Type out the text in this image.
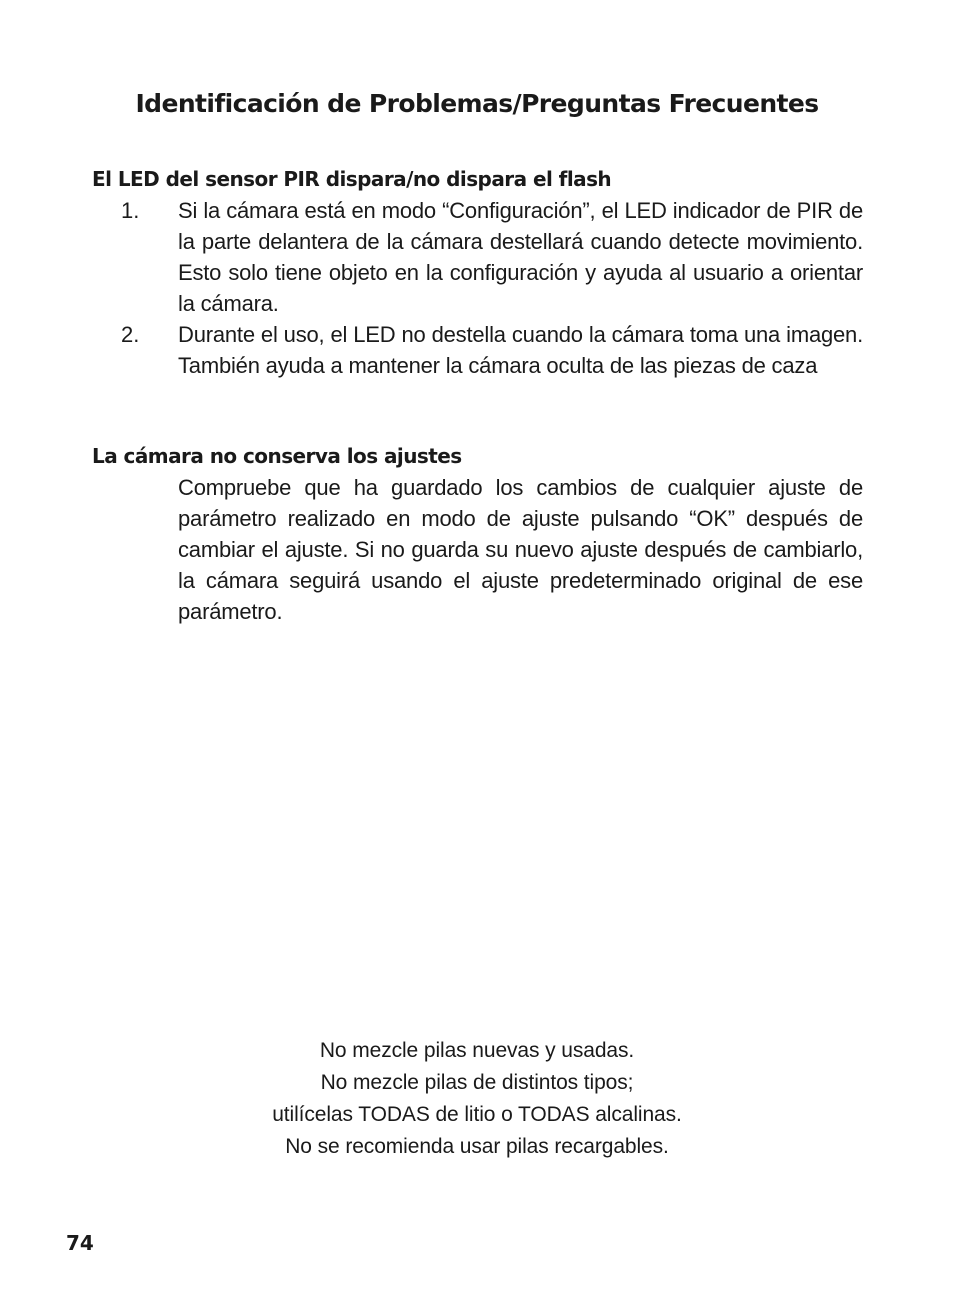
Identificación de Problemas/Preguntas Frecuentes
El LED del sensor PIR dispara/no dispara el flash
1. Si la cámara está en modo “Configuración”, el LED indicador de PIR de la parte delantera de la cámara destellará cuando detecte movimiento. Esto solo tiene objeto en la configuración y ayuda al usuario a orientar la cámara.

2. Durante el uso, el LED no destella cuando la cámara toma una imagen. También ayuda a mantener la cámara oculta de las piezas de caza

La cámara no conserva los ajustes

Compruebe que ha guardado los cambios de cualquier ajuste de parámetro realizado en modo de ajuste pulsando “OK” después de cambiar el ajuste. Si no guarda su nuevo ajuste después de cambiarlo, la cámara seguirá usando el ajuste predeterminado original de ese parámetro.

No mezcle pilas nuevas y usadas.
No mezcle pilas de distintos tipos;
utilícelas TODAS de litio o TODAS alcalinas.
No se recomienda usar pilas recargables.
74
